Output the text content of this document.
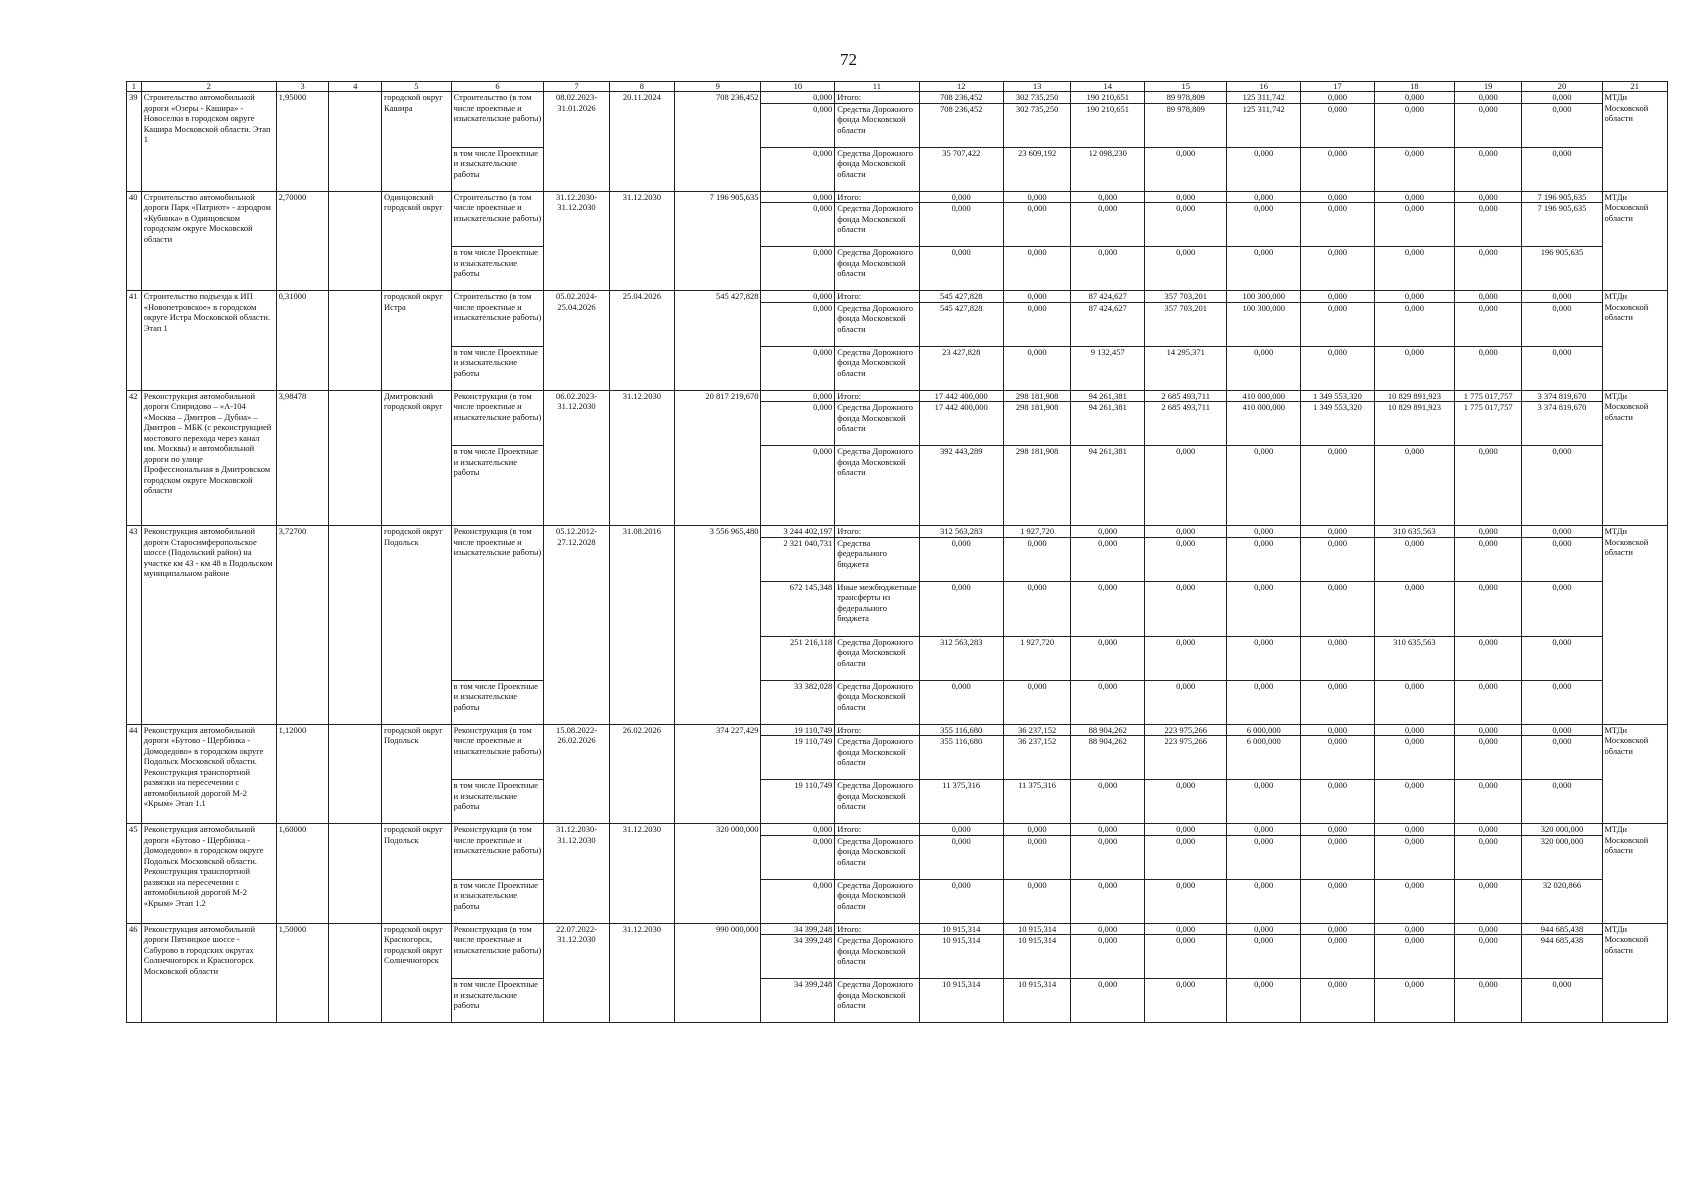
72
1	2	3	4	5	6	7	8	9	10	11	12	13	14	15	16	17	18	19	20	21
39	Строительство автомобильной дороги «Озеры - Кашира» - Новоселки в городском округе Кашира Московской области. Этап 1	1,95000		городской округ Кашира	Строительство (в том числе проектные и изыскательские работы)	08.02.2023-31.01.2026	20.11.2024	708 236,452	0,000	Итого:	708 236,452	302 735,250	190 210,651	89 978,809	125 311,742	0,000	0,000	0,000	0,000	МТДи Московской области
									0,000	Средства Дорожного фонда Московской области	708 236,452	302 735,250	190 210,651	89 978,809	125 311,742	0,000	0,000	0,000	0,000	
					в том числе Проектные и изыскательские работы				0,000	Средства Дорожного фонда Московской области	35 707,422	23 609,192	12 098,230	0,000	0,000	0,000	0,000	0,000	0,000	
40	Строительство автомобильной дороги Парк «Патриот» - аэродром «Кубинка» в Одинцовском городском округе Московской области	2,70000		Одинцовский городской округ	Строительство (в том числе проектные и изыскательские работы)	31.12.2030-31.12.2030	31.12.2030	7 196 905,635	0,000	Итого:	0,000	0,000	0,000	0,000	0,000	0,000	0,000	0,000	7 196 905,635	МТДи Московской области
									0,000	Средства Дорожного фонда Московской области	0,000	0,000	0,000	0,000	0,000	0,000	0,000	0,000	7 196 905,635	
					в том числе Проектные и изыскательские работы				0,000	Средства Дорожного фонда Московской области	0,000	0,000	0,000	0,000	0,000	0,000	0,000	0,000	196 905,635	
41	Строительство подъезда к ИП «Новопетровское» в городском округе Истра Московской области. Этап 1	0,31000		городской округ Истра	Строительство (в том числе проектные и изыскательские работы)	05.02.2024-25.04.2026	25.04.2026	545 427,828	0,000	Итого:	545 427,828	0,000	87 424,627	357 703,201	100 300,000	0,000	0,000	0,000	0,000	МТДи Московской области
									0,000	Средства Дорожного фонда Московской области	545 427,828	0,000	87 424,627	357 703,201	100 300,000	0,000	0,000	0,000	0,000	
					в том числе Проектные и изыскательские работы				0,000	Средства Дорожного фонда Московской области	23 427,828	0,000	9 132,457	14 295,371	0,000	0,000	0,000	0,000	0,000	
42	Реконструкция автомобильной дороги Спиридово – «А-104 «Москва – Дмитров – Дубна» – Дмитров – МБК (с реконструкцией мостового перехода через канал им. Москвы) и автомобильной дороги по улице Профессиональная в Дмитровском городском округе Московской области	3,98478		Дмитровский городской округ	Реконструкция (в том числе проектные и изыскательские работы)	06.02.2023-31.12.2030	31.12.2030	20 817 219,670	0,000	Итого:	17 442 400,000	298 181,908	94 261,381	2 685 493,711	410 000,000	1 349 553,320	10 829 891,923	1 775 017,757	3 374 819,670	МТДи Московской области
									0,000	Средства Дорожного фонда Московской области	17 442 400,000	298 181,908	94 261,381	2 685 493,711	410 000,000	1 349 553,320	10 829 891,923	1 775 017,757	3 374 819,670	
					в том числе Проектные и изыскательские работы				0,000	Средства Дорожного фонда Московской области	392 443,289	298 181,908	94 261,381	0,000	0,000	0,000	0,000	0,000	0,000	
43	Реконструкция автомобильной дороги Старосимферопольское шоссе (Подольский район) на участке км 43 - км 48 в Подольском муниципальном районе	3,72700		городской округ Подольск	Реконструкция (в том числе проектные и изыскательские работы)	05.12.2012-27.12.2028	31.08.2016	3 556 965,480	3 244 402,197	Итого:	312 563,283	1 927,720	0,000	0,000	0,000	0,000	310 635,563	0,000	0,000	МТДи Московской области
									2 321 040,731	Средства федерального бюджета	0,000	0,000	0,000	0,000	0,000	0,000	0,000	0,000	0,000	
									672 145,348	Иные межбюджетные трансферты из федерального бюджета	0,000	0,000	0,000	0,000	0,000	0,000	0,000	0,000	0,000	
									251 216,118	Средства Дорожного фонда Московской области	312 563,283	1 927,720	0,000	0,000	0,000	0,000	310 635,563	0,000	0,000	
					в том числе Проектные и изыскательские работы				33 382,028	Средства Дорожного фонда Московской области	0,000	0,000	0,000	0,000	0,000	0,000	0,000	0,000	0,000	
44	Реконструкция автомобильной дороги «Бутово - Щербинка - Домодедово» в городском округе Подольск Московской области. Реконструкция транспортной развязки на пересечении с автомобильной дорогой М-2 «Крым» Этап 1.1	1,12000		городской округ Подольск	Реконструкция (в том числе проектные и изыскательские работы)	15.08.2022-26.02.2026	26.02.2026	374 227,429	19 110,749	Итого:	355 116,680	36 237,152	88 904,262	223 975,266	6 000,000	0,000	0,000	0,000	0,000	МТДи Московской области
									19 110,749	Средства Дорожного фонда Московской области	355 116,680	36 237,152	88 904,262	223 975,266	6 000,000	0,000	0,000	0,000	0,000	
					в том числе Проектные и изыскательские работы				19 110,749	Средства Дорожного фонда Московской области	11 375,316	11 375,316	0,000	0,000	0,000	0,000	0,000	0,000	0,000	
45	Реконструкция автомобильной дороги «Бутово - Щербинка - Домодедово» в городском округе Подольск Московской области. Реконструкция транспортной развязки на пересечении с автомобильной дорогой М-2 «Крым» Этап 1.2	1,60000		городской округ Подольск	Реконструкция (в том числе проектные и изыскательские работы)	31.12.2030-31.12.2030	31.12.2030	320 000,000	0,000	Итого:	0,000	0,000	0,000	0,000	0,000	0,000	0,000	0,000	320 000,000	МТДи Московской области
									0,000	Средства Дорожного фонда Московской области	0,000	0,000	0,000	0,000	0,000	0,000	0,000	0,000	320 000,000	
					в том числе Проектные и изыскательские работы				0,000	Средства Дорожного фонда Московской области	0,000	0,000	0,000	0,000	0,000	0,000	0,000	0,000	32 020,866	
46	Реконструкция автомобильной дороги Пятницкое шоссе - Сабурово в городских округах Солнечногорск и Красногорск Московской области	1,50000		городской округ Красногорск, городской округ Солнечногорск	Реконструкция (в том числе проектные и изыскательские работы)	22.07.2022-31.12.2030	31.12.2030	990 000,000	34 399,248	Итого:	10 915,314	10 915,314	0,000	0,000	0,000	0,000	0,000	0,000	944 685,438	МТДи Московской области
									34 399,248	Средства Дорожного фонда Московской области	10 915,314	10 915,314	0,000	0,000	0,000	0,000	0,000	0,000	944 685,438	
					в том числе Проектные и изыскательские работы				34 399,248	Средства Дорожного фонда Московской области	10 915,314	10 915,314	0,000	0,000	0,000	0,000	0,000	0,000	0,000	
